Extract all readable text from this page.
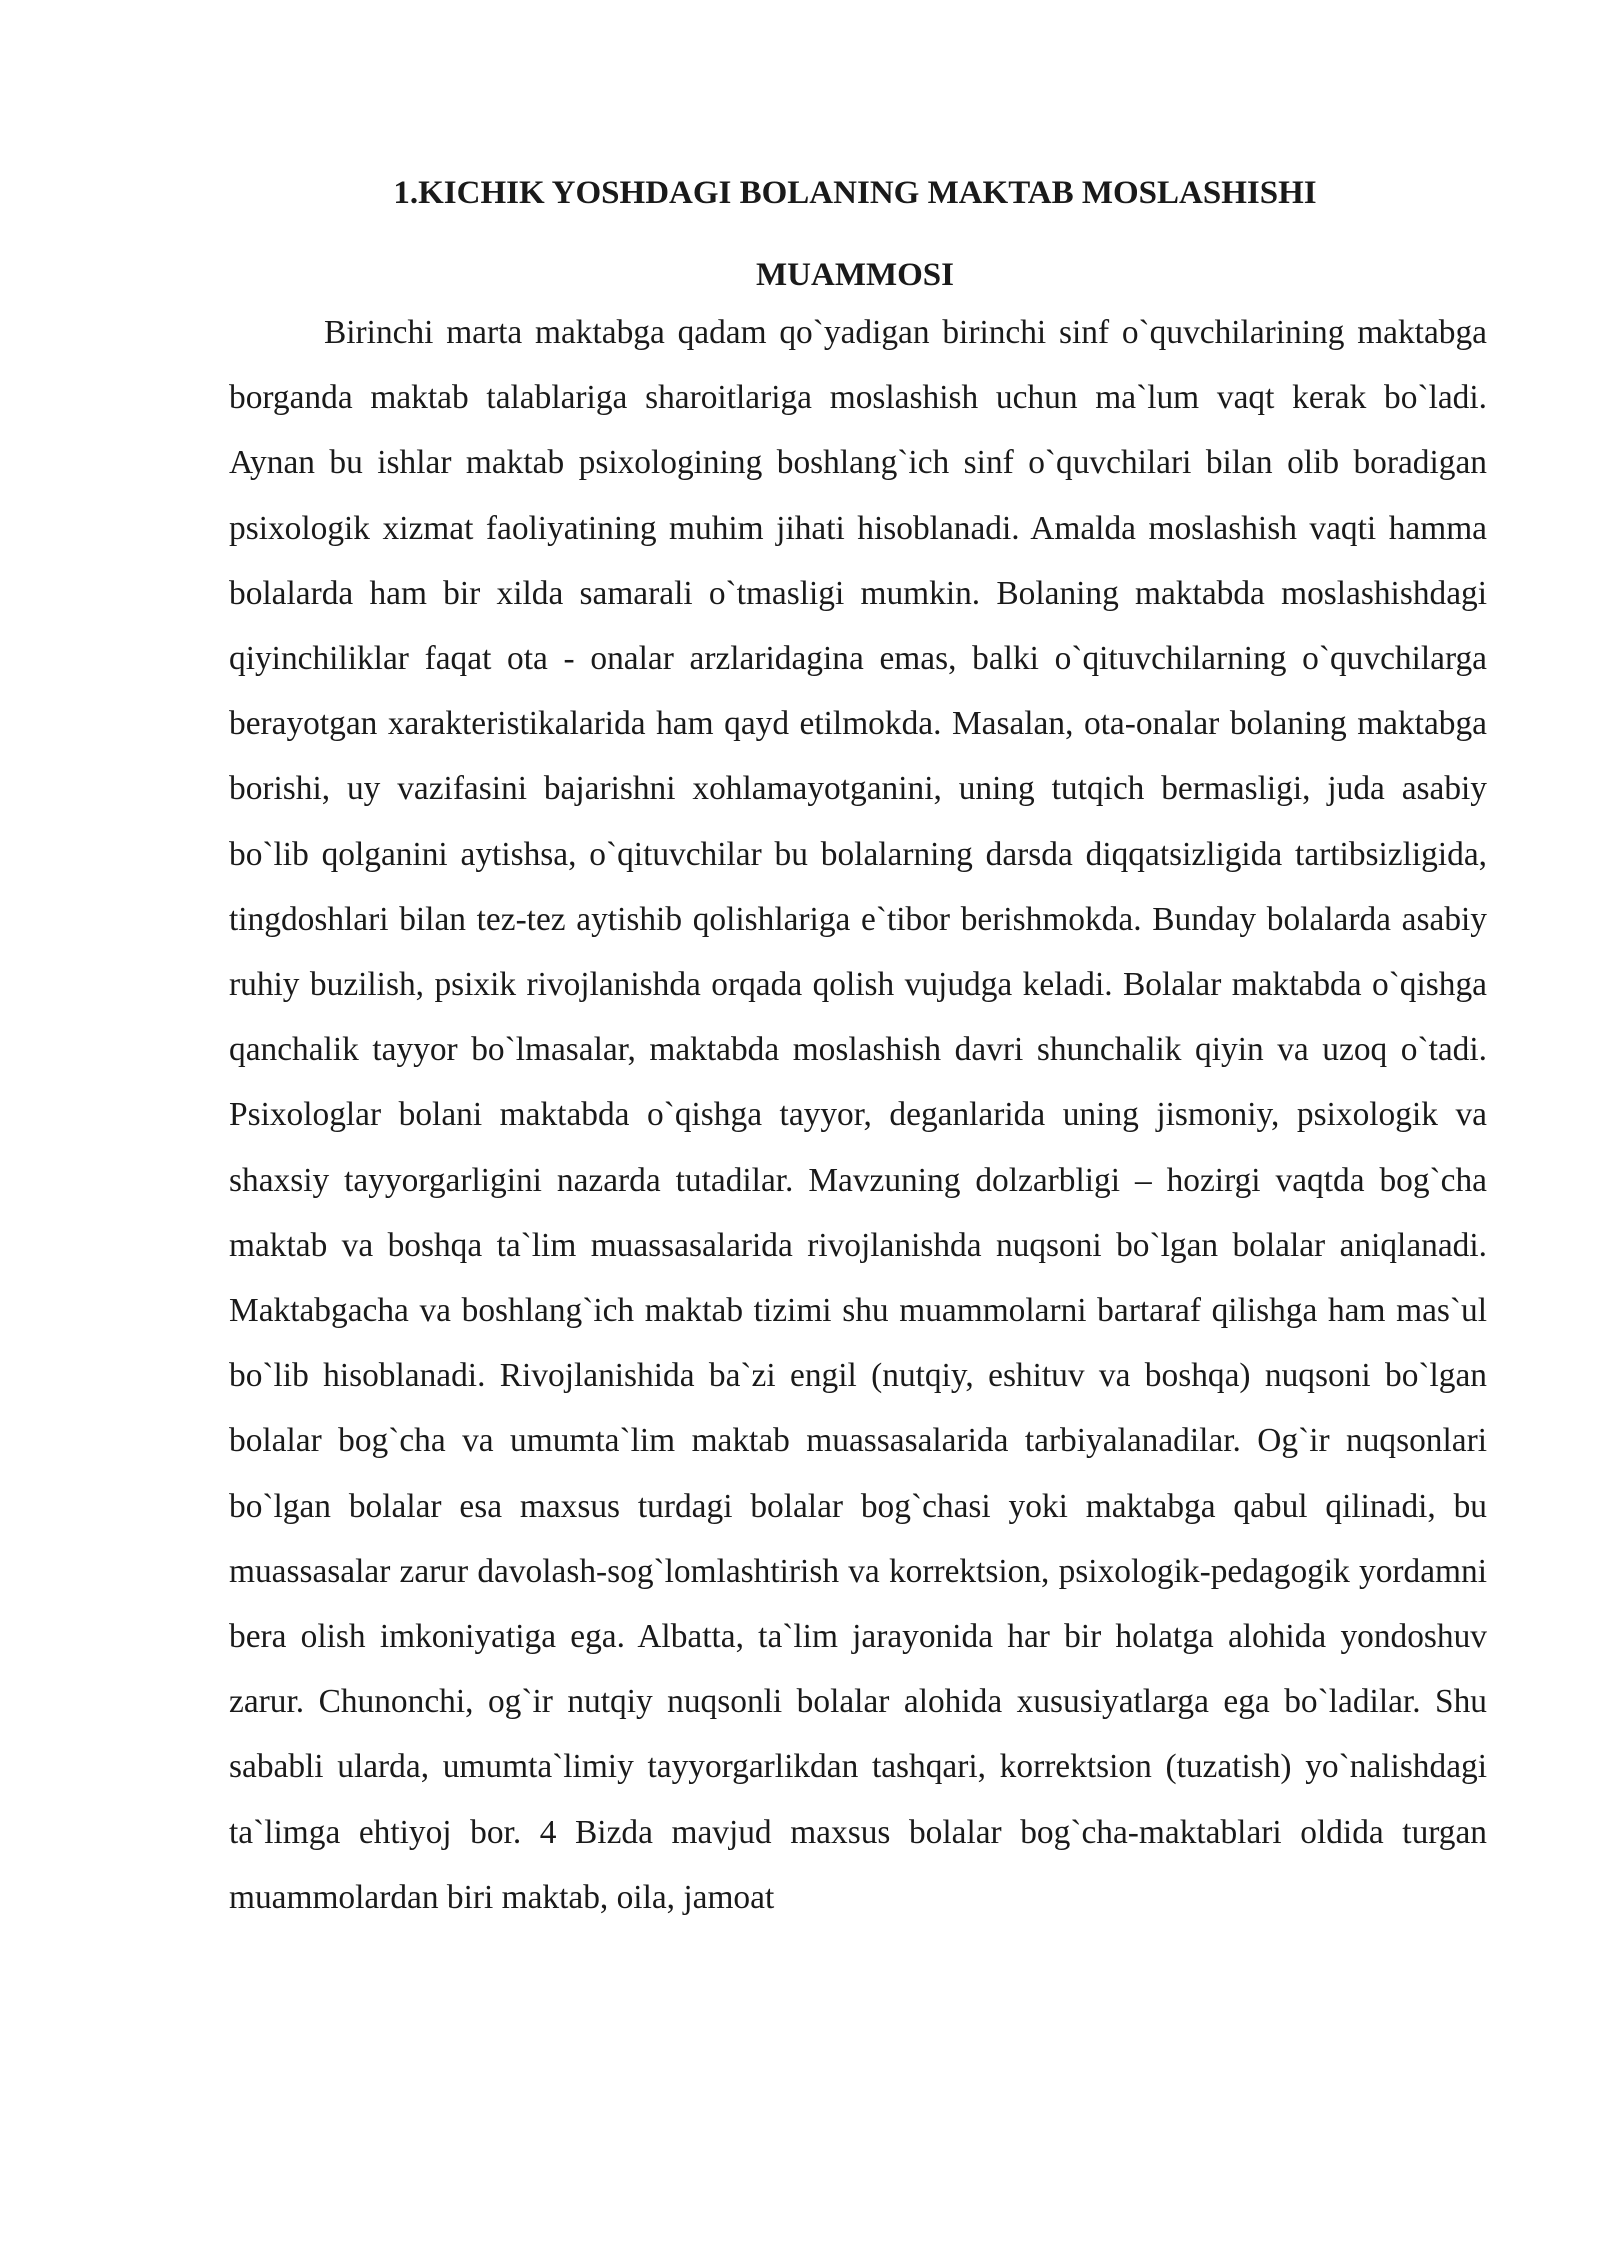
1.KICHIK YOSHDAGI BOLANING MAKTAB MOSLASHISHI MUAMMOSI

Birinchi marta maktabga qadam qo`yadigan birinchi sinf o`quvchilarining maktabga borganda maktab talablariga sharoitlariga moslashish uchun ma`lum vaqt kerak bo`ladi. Aynan bu ishlar maktab psixologining boshlang`ich sinf o`quvchilari bilan olib boradigan psixologik xizmat faoliyatining muhim jihati hisoblanadi. Amalda moslashish vaqti hamma bolalarda ham bir xilda samarali o`tmasligi mumkin. Bolaning maktabda moslashishdagi qiyinchiliklar faqat ota - onalar arzlaridagina emas, balki o`qituvchilarning o`quvchilarga berayotgan xarakteristikalarida ham qayd etilmokda. Masalan, ota-onalar bolaning maktabga borishi, uy vazifasini bajarishni xohlamayotganini, uning tutqich bermasligi, juda asabiy bo`lib qolganini aytishsa, o`qituvchilar bu bolalarning darsda diqqatsizligida tartibsizligida, tingdoshlari bilan tez-tez aytishib qolishlariga e`tibor berishmokda. Bunday bolalarda asabiy ruhiy buzilish, psixik rivojlanishda orqada qolish vujudga keladi. Bolalar maktabda o`qishga qanchalik tayyor bo`lmasalar, maktabda moslashish davri shunchalik qiyin va uzoq o`tadi. Psixologlar bolani maktabda o`qishga tayyor, deganlarida uning jismoniy, psixologik va shaxsiy tayyorgarligini nazarda tutadilar. Mavzuning dolzarbligi – hozirgi vaqtda bog`cha maktab va boshqa ta`lim muassasalarida rivojlanishda nuqsoni bo`lgan bolalar aniqlanadi. Maktabgacha va boshlang`ich maktab tizimi shu muammolarni bartaraf qilishga ham mas`ul bo`lib hisoblanadi. Rivojlanishida ba`zi engil (nutqiy, eshituv va boshqa) nuqsoni bo`lgan bolalar bog`cha va umumta`lim maktab muassasalarida tarbiyalanadilar. Og`ir nuqsonlari bo`lgan bolalar esa maxsus turdagi bolalar bog`chasi yoki maktabga qabul qilinadi, bu muassasalar zarur davolash-sog`lomlashtirish va korrektsion, psixologik-pedagogik yordamni bera olish imkoniyatiga ega. Albatta, ta`lim jarayonida har bir holatga alohida yondoshuv zarur. Chunonchi, og`ir nutqiy nuqsonli bolalar alohida xususiyatlarga ega bo`ladilar. Shu sababli ularda, umumta`limiy tayyorgarlikdan tashqari, korrektsion (tuzatish) yo`nalishdagi ta`limga ehtiyoj bor. 4 Bizda mavjud maxsus bolalar bog`cha-maktablari oldida turgan muammolardan biri maktab, oila, jamoat
